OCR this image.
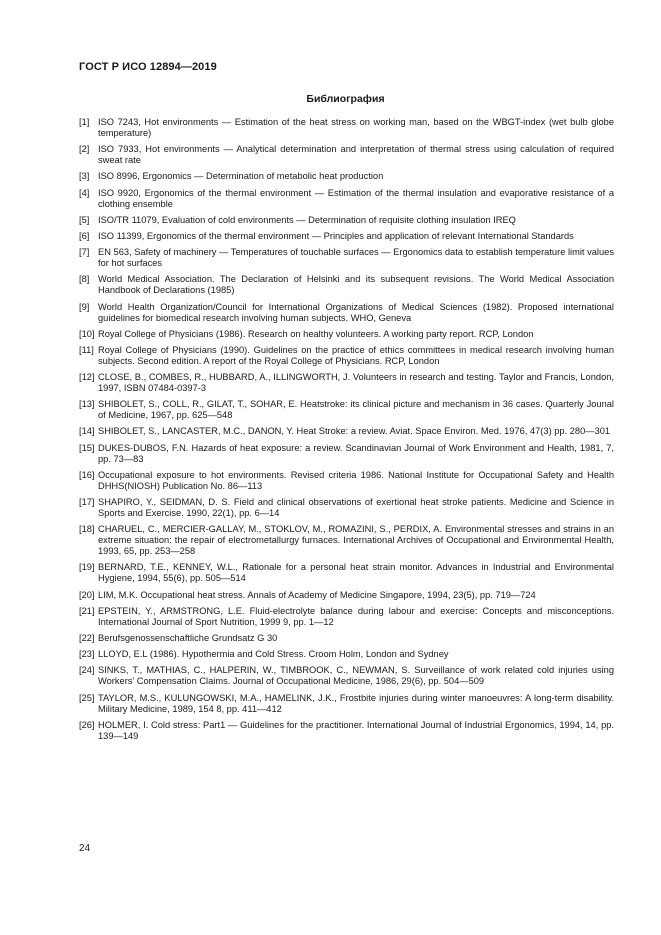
ГОСТ Р ИСО 12894—2019
Библиография
[1] ISO 7243, Hot environments — Estimation of the heat stress on working man, based on the WBGT-index (wet bulb globe temperature)
[2] ISO 7933, Hot environments — Analytical determination and interpretation of thermal stress using calculation of required sweat rate
[3] ISO 8996, Ergonomics — Determination of metabolic heat production
[4] ISO 9920, Ergonomics of the thermal environment — Estimation of the thermal insulation and evaporative resistance of a clothing ensemble
[5] ISO/TR 11079, Evaluation of cold environments — Determination of requisite clothing insulation IREQ
[6] ISO 11399, Ergonomics of the thermal environment — Principles and application of relevant International Standards
[7] EN 563, Safety of machinery — Temperatures of touchable surfaces — Ergonomics data to establish temperature limit values for hot surfaces
[8] World Medical Association. The Declaration of Helsinki and its subsequent revisions. The World Medical Association Handbook of Declarations (1985)
[9] World Health Organization/Council for International Organizations of Medical Sciences (1982). Proposed international guidelines for biomedical research involving human subjects. WHO, Geneva
[10] Royal College of Physicians (1986). Research on healthy volunteers. A working party report. RCP, London
[11] Royal College of Physicians (1990). Guidelines on the practice of ethics committees in medical research involving human subjects. Second edition. A report of the Royal College of Physicians. RCP, London
[12] CLOSE, B., COMBES, R., HUBBARD, A., ILLINGWORTH, J. Volunteers in research and testing. Taylor and Francis, London, 1997, ISBN 07484-0397-3
[13] SHIBOLET, S., COLL, R., GILAT, T., SOHAR, E. Heatstroke: its clinical picture and mechanism in 36 cases. Quarterly Jounal of Medicine, 1967, pp. 625—548
[14] SHIBOLET, S., LANCASTER, M.C., DANON, Y. Heat Stroke: a review. Aviat. Space Environ. Med. 1976, 47(3) pp. 280—301
[15] DUKES-DUBOS, F.N. Hazards of heat exposure: a review. Scandinavian Journal of Work Environment and Health, 1981, 7, pp. 73—83
[16] Occupational exposure to hot environments. Revised criteria 1986. National Institute for Occupational Safety and Health DHHS(NIOSH) Publication No. 86—113
[17] SHAPIRO, Y., SEIDMAN, D. S. Field and clinical observations of exertional heat stroke patients. Medicine and Science in Sports and Exercise. 1990, 22(1), pp. 6—14
[18] CHARUEL, C., MERCIER-GALLAY, M., STOKLOV, M., ROMAZINI, S., PERDIX, A. Environmental stresses and strains in an extreme situation: the repair of electrometallurgy furnaces. International Archives of Occupational and Environmental Health, 1993, 65, pp. 253—258
[19] BERNARD, T.E., KENNEY, W.L., Rationale for a personal heat strain monitor. Advances in Industrial and Environmental Hygiene, 1994, 55(6), pp. 505—514
[20] LIM, M.K. Occupational heat stress. Annals of Academy of Medicine Singapore, 1994, 23(5), pp. 719—724
[21] EPSTEIN, Y., ARMSTRONG, L.E. Fluid-electrolyte balance during labour and exercise: Concepts and misconceptions. International Journal of Sport Nutrition, 1999 9, pp. 1—12
[22] Berufsgenossenschaftliche Grundsatz G 30
[23] LLOYD, E.L (1986). Hypothermia and Cold Stress. Croom Holm, London and Sydney
[24] SINKS, T., MATHIAS, C., HALPERIN, W., TIMBROOK, C., NEWMAN, S. Surveillance of work related cold injuries using Workers' Compensation Claims. Journal of Occupational Medicine, 1986, 29(6), pp. 504—509
[25] TAYLOR, M.S., KULUNGOWSKI, M.A., HAMELINK, J.K., Frostbite injuries during winter manoeuvres: A long-term disability. Military Medicine, 1989, 154 8, pp. 411—412
[26] HOLMER, I. Cold stress: Part1 — Guidelines for the practitioner. International Journal of Industrial Ergonomics, 1994, 14, pp. 139—149
24
